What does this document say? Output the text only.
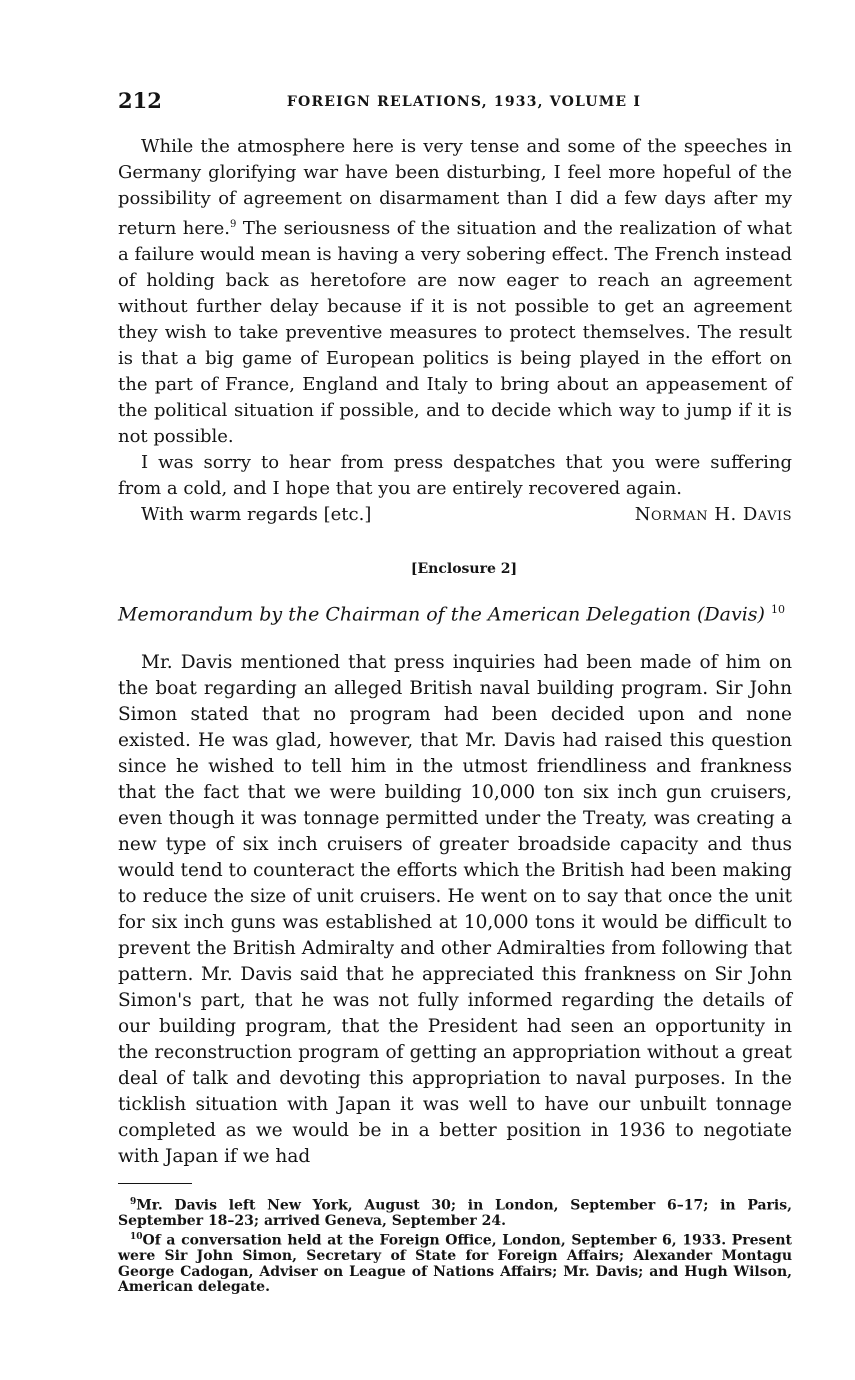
212	FOREIGN RELATIONS, 1933, VOLUME I

While the atmosphere here is very tense and some of the speeches in Germany glorifying war have been disturbing, I feel more hopeful of the possibility of agreement on disarmament than I did a few days after my return here.$^9$ The seriousness of the situation and the realization of what a failure would mean is having a very sobering effect. The French instead of holding back as heretofore are now eager to reach an agreement without further delay because if it is not possible to get an agreement they wish to take preventive measures to protect themselves. The result is that a big game of European politics is being played in the effort on the part of France, England and Italy to bring about an appeasement of the political situation if possible, and to decide which way to jump if it is not possible.

I was sorry to hear from press despatches that you were suffering from a cold, and I hope that you are entirely recovered again.

With warm regards [etc.]	Norman H. Davis
[Enclosure 2]
Memorandum by the Chairman of the American Delegation (Davis) $^{10}$

Mr. Davis mentioned that press inquiries had been made of him on the boat regarding an alleged British naval building program. Sir John Simon stated that no program had been decided upon and none existed. He was glad, however, that Mr. Davis had raised this question since he wished to tell him in the utmost friendliness and frankness that the fact that we were building 10,000 ton six inch gun cruisers, even though it was tonnage permitted under the Treaty, was creating a new type of six inch cruisers of greater broadside capacity and thus would tend to counteract the efforts which the British had been making to reduce the size of unit cruisers. He went on to say that once the unit for six inch guns was established at 10,000 tons it would be difficult to prevent the British Admiralty and other Admiralties from following that pattern. Mr. Davis said that he appreciated this frankness on Sir John Simon's part, that he was not fully informed regarding the details of our building program, that the President had seen an opportunity in the reconstruction program of getting an appropriation without a great deal of talk and devoting this appropriation to naval purposes. In the ticklish situation with Japan it was well to have our unbuilt tonnage completed as we would be in a better position in 1936 to negotiate with Japan if we had

$^9$Mr. Davis left New York, August 30; in London, September 6–17; in Paris, September 18–23; arrived Geneva, September 24.

$^{10}$Of a conversation held at the Foreign Office, London, September 6, 1933. Present were Sir John Simon, Secretary of State for Foreign Affairs; Alexander Montagu George Cadogan, Adviser on League of Nations Affairs; Mr. Davis; and Hugh Wilson, American delegate.
